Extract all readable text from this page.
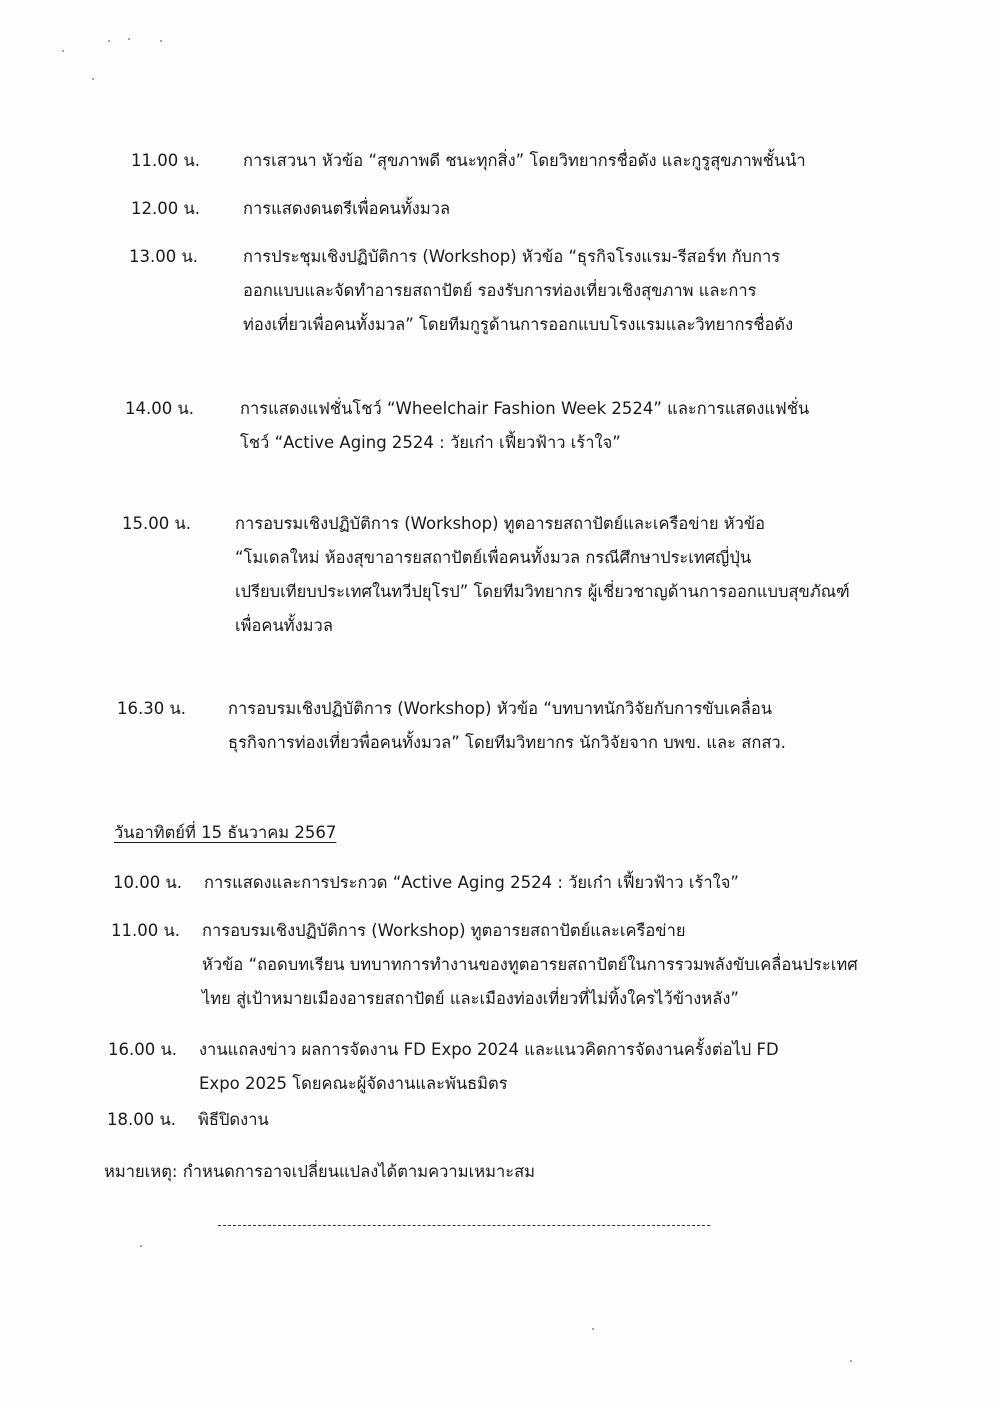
11.00 น.	การเสวนา หัวข้อ “สุขภาพดี ชนะทุกสิ่ง” โดยวิทยากรชื่อดัง และกูรูสุขภาพชั้นนำ
12.00 น.	การแสดงดนตรีเพื่อคนทั้งมวล
13.00 น.	การประชุมเชิงปฏิบัติการ (Workshop) หัวข้อ “ธุรกิจโรงแรม-รีสอร์ท กับการ
ออกแบบและจัดทำอารยสถาปัตย์ รองรับการท่องเที่ยวเชิงสุขภาพ และการ
ท่องเที่ยวเพื่อคนทั้งมวล” โดยทีมกูรูด้านการออกแบบโรงแรมและวิทยากรชื่อดัง
14.00 น.	การแสดงแฟชั่นโชว์ “Wheelchair Fashion Week 2524” และการแสดงแฟชั่น
โชว์ “Active Aging 2524 : วัยเก๋า เฟี้ยวฟ้าว เร้าใจ”
15.00 น.	การอบรมเชิงปฏิบัติการ (Workshop) ทูตอารยสถาปัตย์และเครือข่าย หัวข้อ
“โมเดลใหม่ ห้องสุขาอารยสถาปัตย์เพื่อคนทั้งมวล กรณีศึกษาประเทศญี่ปุ่น
เปรียบเทียบประเทศในทวีปยุโรป” โดยทีมวิทยากร ผู้เชี่ยวชาญด้านการออกแบบสุขภัณฑ์
เพื่อคนทั้งมวล
16.30 น.	การอบรมเชิงปฏิบัติการ (Workshop) หัวข้อ “บทบาทนักวิจัยกับการขับเคลื่อน
ธุรกิจการท่องเที่ยวพื่อคนทั้งมวล” โดยทีมวิทยากร นักวิจัยจาก บพข. และ สกสว.
วันอาทิตย์ที่ 15 ธันวาคม 2567
10.00 น. การแสดงและการประกวด “Active Aging 2524 : วัยเก๋า เฟี้ยวฟ้าว เร้าใจ”
11.00 น. การอบรมเชิงปฏิบัติการ (Workshop) ทูตอารยสถาปัตย์และเครือข่าย
หัวข้อ “ถอดบทเรียน บทบาทการทำงานของทูตอารยสถาปัตย์ในการรวมพลังขับเคลื่อนประเทศ
ไทย สู่เป้าหมายเมืองอารยสถาปัตย์ และเมืองท่องเที่ยวที่ไม่ทิ้งใครไว้ข้างหลัง”
16.00 น. งานแถลงข่าว ผลการจัดงาน FD Expo 2024 และแนวคิดการจัดงานครั้งต่อไป FD
Expo 2025 โดยคณะผู้จัดงานและพันธมิตร
18.00 น. พิธีปิดงาน
หมายเหตุ: กำหนดการอาจเปลี่ยนแปลงได้ตามความเหมาะสม
